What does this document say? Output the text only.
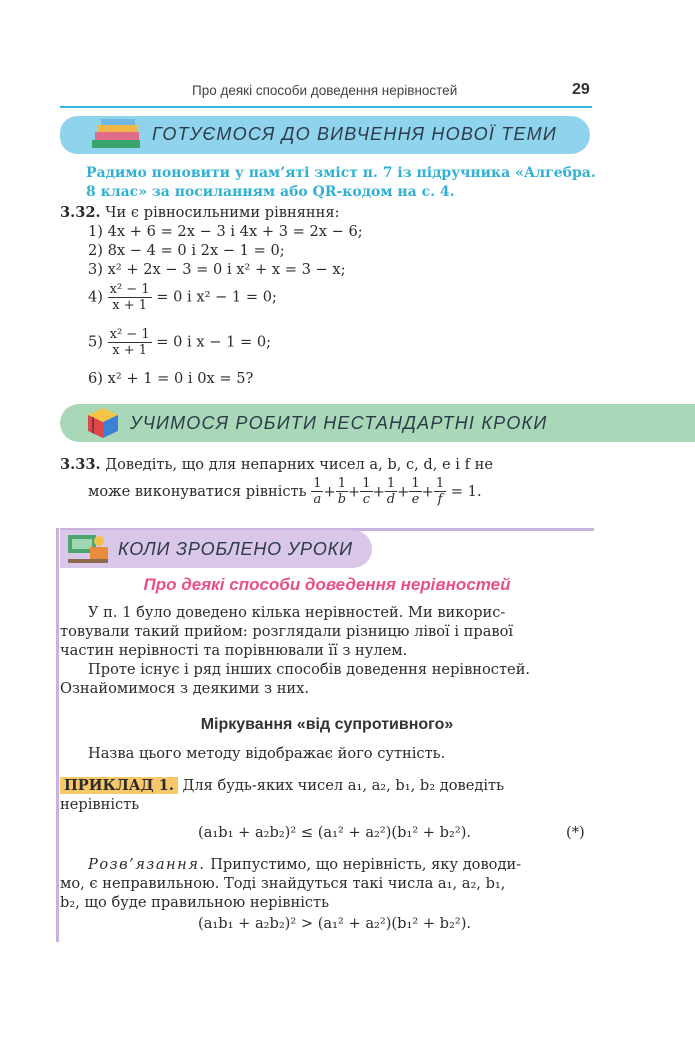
Про деякі способи доведення нерівностей	29
ГОТУЄМОСЯ ДО ВИВЧЕННЯ НОВОЇ ТЕМИ
Радимо поновити у пам’яті зміст п. 7 із підручника «Алгебра.
8 клас» за посиланням або QR-кодом на с. 4.
3.32. Чи є рівносильними рівняння:
1) 4x + 6 = 2x − 3 і 4x + 3 = 2x − 6;
2) 8x − 4 = 0 і 2x − 1 = 0;
3) x² + 2x − 3 = 0 і x² + x = 3 − x;
$4) \frac{\text{x² − 1}}{x + 1} = 0$ і x² − 1 = 0;
$5) \frac{\text{x² − 1}}{x + 1} = 0$ і x − 1 = 0;
6) x² + 1 = 0 і 0x = 5?
УЧИМОСЯ РОБИТИ НЕСТАНДАРТНІ КРОКИ
3.33. Доведіть, що для непарних чисел a, b, c, d, e і f не
може виконуватися рівність $\frac{1}{a} + \frac{1}{b} + \frac{1}{c} + \frac{1}{d} + \frac{1}{e} + \frac{1}{f} = 1$.
КОЛИ ЗРОБЛЕНО УРОКИ
Про деякі способи доведення нерівностей
У п. 1 було доведено кілька нерівностей. Ми викорис-
товували такий прийом: розглядали різницю лівої і правої
частин нерівності та порівнювали її з нулем.
Проте існує і ряд інших способів доведення нерівностей.
Ознайомимося з деякими з них.
Міркування «від супротивного»
Назва цього методу відображає його сутність.
ПРИКЛАД 1. Для будь-яких чисел a₁, a₂, b₁, b₂ доведіть
нерівність
(a₁b₁ + a₂b₂)² ≤ (a₁² + a₂²)(b₁² + b₂²).	(*)
Розв’язання. Припустимо, що нерівність, яку доводи-
мо, є неправильною. Тоді знайдуться такі числа a₁, a₂, b₁,
b₂, що буде правильною нерівність
(a₁b₁ + a₂b₂)² > (a₁² + a₂²)(b₁² + b₂²).
